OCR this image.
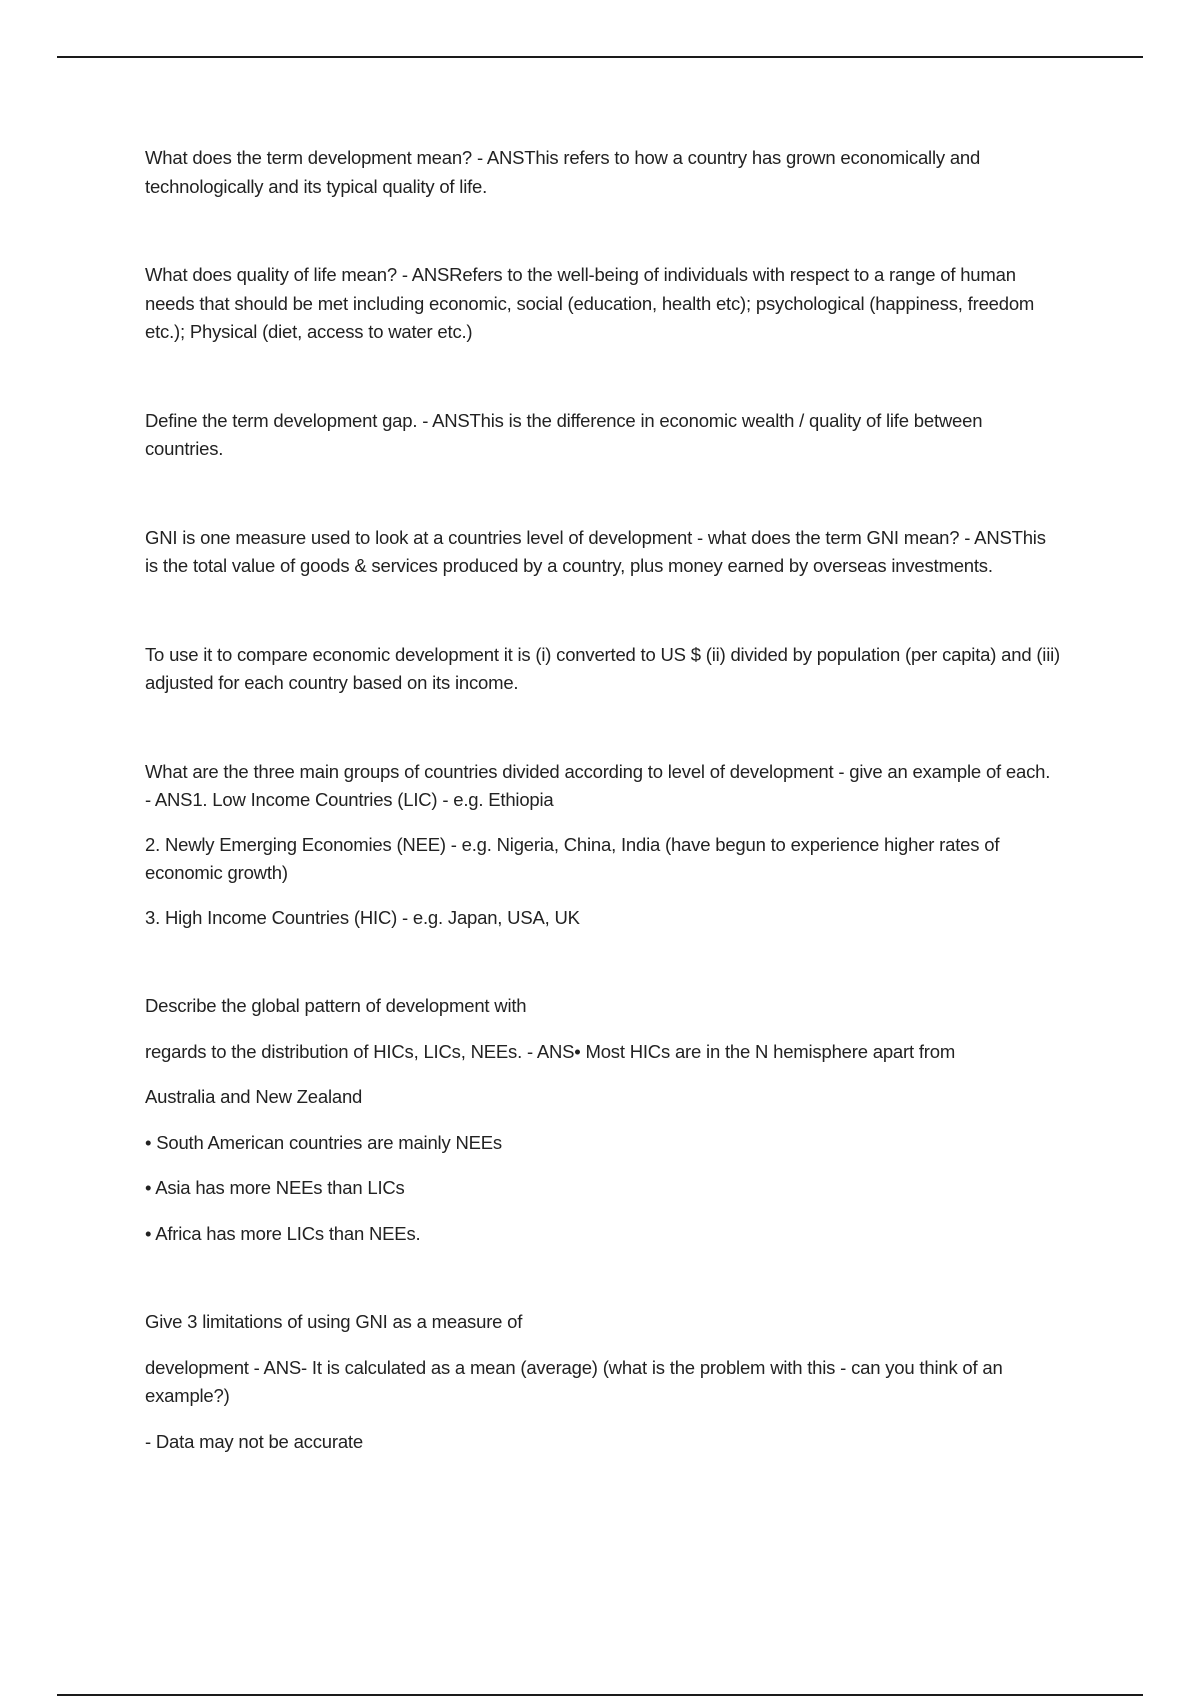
What does the term development mean? - ANSThis refers to how a country has grown economically and technologically and its typical quality of life.

What does quality of life mean? - ANSRefers to the well-being of individuals with respect to a range of human needs that should be met including economic, social (education, health etc); psychological (happiness, freedom etc.); Physical (diet, access to water etc.)

Define the term development gap. - ANSThis is the difference in economic wealth / quality of life between countries.

GNI is one measure used to look at a countries level of development - what does the term GNI mean? - ANSThis is the total value of goods & services produced by a country, plus money earned by overseas investments.

To use it to compare economic development it is (i) converted to US $ (ii) divided by population (per capita) and (iii) adjusted for each country based on its income.

What are the three main groups of countries divided according to level of development - give an example of each. - ANS1. Low Income Countries (LIC) - e.g. Ethiopia

2. Newly Emerging Economies (NEE) - e.g. Nigeria, China, India (have begun to experience higher rates of economic growth)

3. High Income Countries (HIC) - e.g. Japan, USA, UK

Describe the global pattern of development with

regards to the distribution of HICs, LICs, NEEs. - ANS• Most HICs are in the N hemisphere apart from

Australia and New Zealand

• South American countries are mainly NEEs

• Asia has more NEEs than LICs

• Africa has more LICs than NEEs.

Give 3 limitations of using GNI as a measure of

development - ANS- It is calculated as a mean (average) (what is the problem with this - can you think of an example?)

- Data may not be accurate
